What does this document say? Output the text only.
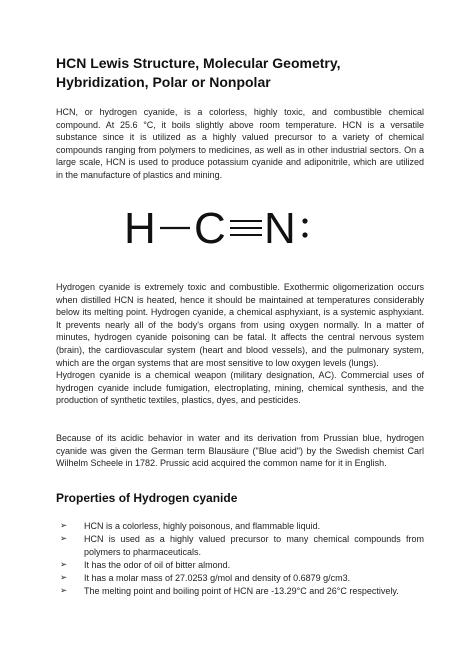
HCN Lewis Structure, Molecular Geometry, Hybridization, Polar or Nonpolar

HCN, or hydrogen cyanide, is a colorless, highly toxic, and combustible chemical compound. At 25.6 °C, it boils slightly above room temperature. HCN is a versatile substance since it is utilized as a highly valued precursor to a variety of chemical compounds ranging from polymers to medicines, as well as in other industrial sectors. On a large scale, HCN is used to produce potassium cyanide and adiponitrile, which are utilized in the manufacture of plastics and mining.

H C N

Hydrogen cyanide is extremely toxic and combustible. Exothermic oligomerization occurs when distilled HCN is heated, hence it should be maintained at temperatures considerably below its melting point. Hydrogen cyanide, a chemical asphyxiant, is a systemic asphyxiant. It prevents nearly all of the body's organs from using oxygen normally. In a matter of minutes, hydrogen cyanide poisoning can be fatal. It affects the central nervous system (brain), the cardiovascular system (heart and blood vessels), and the pulmonary system, which are the organ systems that are most sensitive to low oxygen levels (lungs).
Hydrogen cyanide is a chemical weapon (military designation, AC). Commercial uses of hydrogen cyanide include fumigation, electroplating, mining, chemical synthesis, and the production of synthetic textiles, plastics, dyes, and pesticides.

Because of its acidic behavior in water and its derivation from Prussian blue, hydrogen cyanide was given the German term Blausäure ("Blue acid") by the Swedish chemist Carl Wilhelm Scheele in 1782. Prussic acid acquired the common name for it in English.

Properties of Hydrogen cyanide
➢	HCN is a colorless, highly poisonous, and flammable liquid.
➢	HCN is used as a highly valued precursor to many chemical compounds from polymers to pharmaceuticals.
➢	It has the odor of oil of bitter almond.
➢	It has a molar mass of 27.0253 g/mol and density of 0.6879 g/cm3.
➢	The melting point and boiling point of HCN are -13.29°C and 26°C respectively.
